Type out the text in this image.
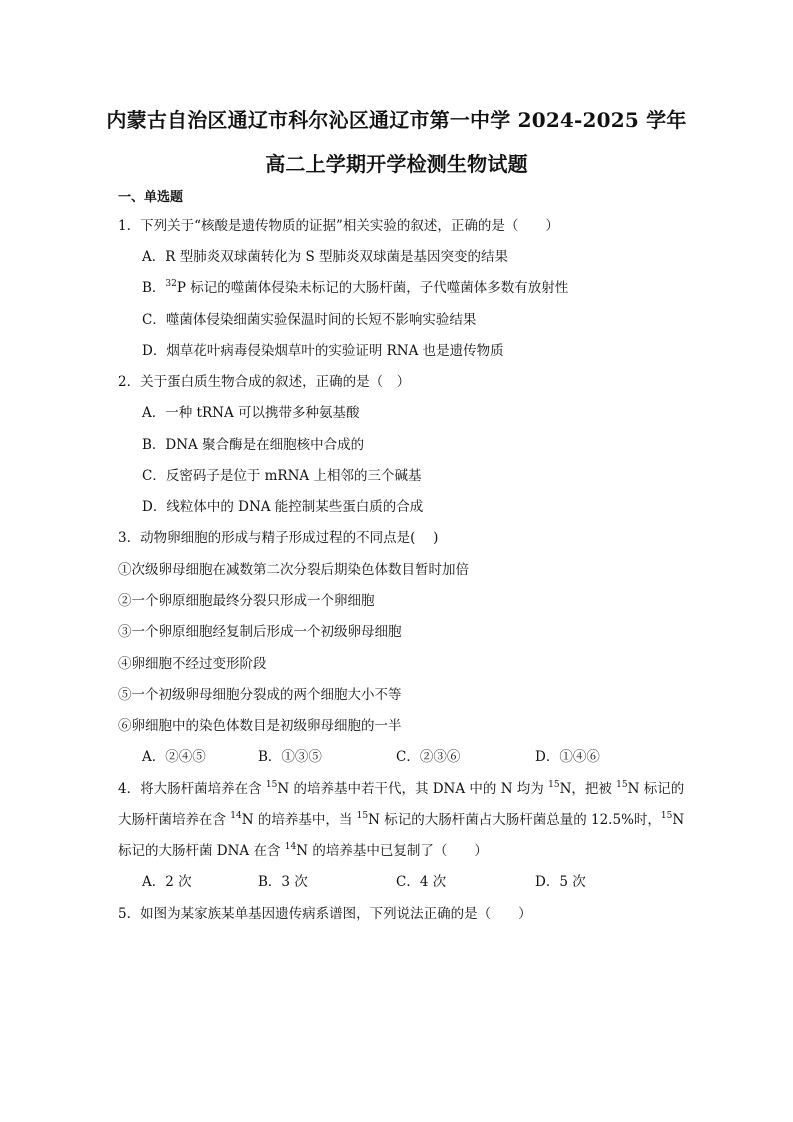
内蒙古自治区通辽市科尔沁区通辽市第一中学 2024-2025 学年
高二上学期开学检测生物试题
一、单选题
1．下列关于“核酸是遗传物质的证据”相关实验的叙述，正确的是（　　）
A．R 型肺炎双球菌转化为 S 型肺炎双球菌是基因突变的结果
B．$^{32}$P 标记的噬菌体侵染未标记的大肠杆菌，子代噬菌体多数有放射性
C．噬菌体侵染细菌实验保温时间的长短不影响实验结果
D．烟草花叶病毒侵染烟草叶的实验证明 RNA 也是遗传物质
2．关于蛋白质生物合成的叙述，正确的是（　）
A．一种 tRNA 可以携带多种氨基酸
B．DNA 聚合酶是在细胞核中合成的
C．反密码子是位于 mRNA 上相邻的三个碱基
D．线粒体中的 DNA 能控制某些蛋白质的合成
3．动物卵细胞的形成与精子形成过程的不同点是(　 )
①次级卵母细胞在减数第二次分裂后期染色体数目暂时加倍
②一个卵原细胞最终分裂只形成一个卵细胞
③一个卵原细胞经复制后形成一个初级卵母细胞
④卵细胞不经过变形阶段
⑤一个初级卵母细胞分裂成的两个细胞大小不等
⑥卵细胞中的染色体数目是初级卵母细胞的一半
A．②④⑤	B．①③⑤	C．②③⑥	D．①④⑥
4．将大肠杆菌培养在含 $^{15}$N 的培养基中若干代，其 DNA 中的 N 均为 $^{15}$N，把被 $^{15}$N 标记的
大肠杆菌培养在含 $^{14}$N 的培养基中，当 $^{15}$N 标记的大肠杆菌占大肠杆菌总量的 12.5%时，$^{15}$N
标记的大肠杆菌 DNA 在含 $^{14}$N 的培养基中已复制了（　　）
A．2 次	B．3 次	C．4 次	D．5 次
5．如图为某家族某单基因遗传病系谱图，下列说法正确的是（　　）
